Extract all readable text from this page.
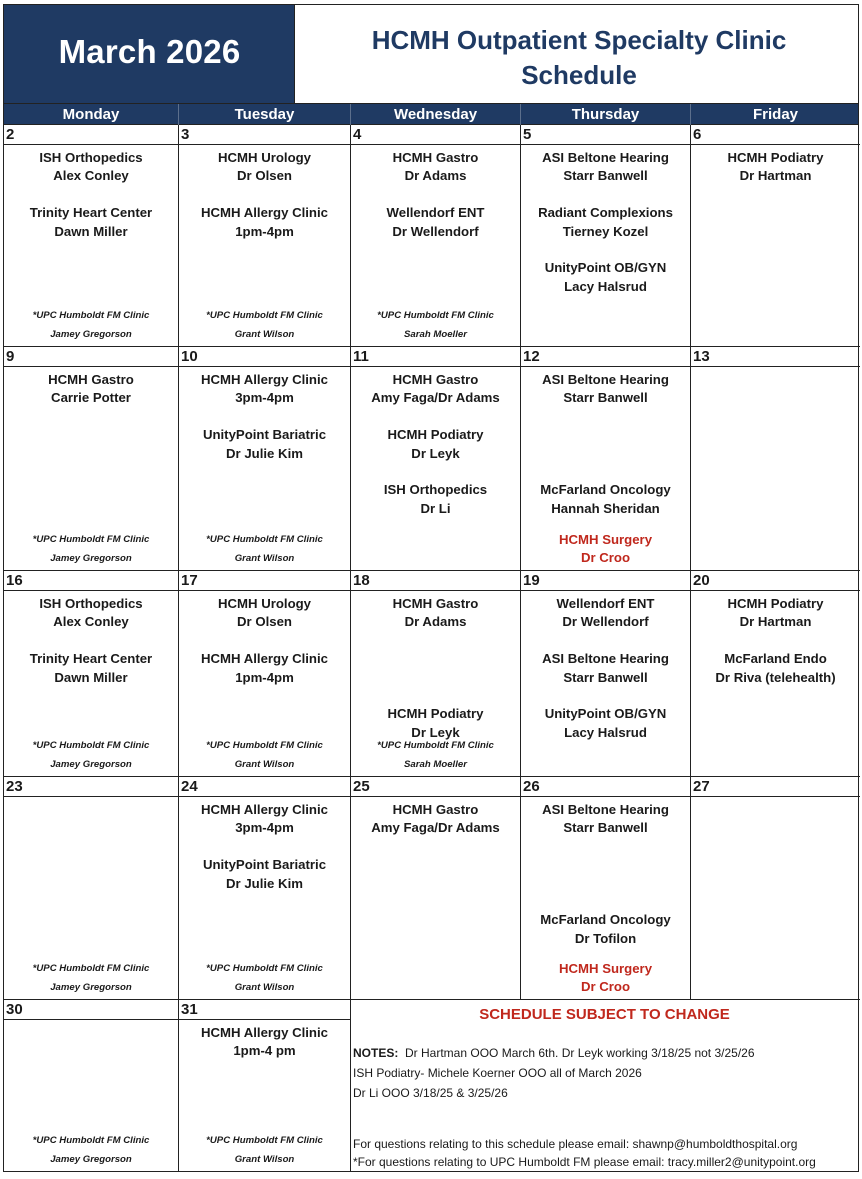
March 2026	HCMH Outpatient Specialty Clinic
Schedule
Monday	Tuesday	Wednesday	Thursday	Friday
2
ISH Orthopedics
Alex Conley
Trinity Heart Center
Dawn Miller
*UPC Humboldt FM Clinic
Jamey Gregorson
3
HCMH Urology
Dr Olsen
HCMH Allergy Clinic
1pm-4pm
*UPC Humboldt FM Clinic
Grant Wilson
4
HCMH Gastro
Dr Adams
Wellendorf ENT
Dr Wellendorf
*UPC Humboldt FM Clinic
Sarah Moeller
5
ASI Beltone Hearing
Starr Banwell
Radiant Complexions
Tierney Kozel
UnityPoint OB/GYN
Lacy Halsrud
6
HCMH Podiatry
Dr Hartman
9
HCMH Gastro
Carrie Potter
*UPC Humboldt FM Clinic
Jamey Gregorson
10
HCMH Allergy Clinic
3pm-4pm
UnityPoint Bariatric
Dr Julie Kim
*UPC Humboldt FM Clinic
Grant Wilson
11
HCMH Gastro
Amy Faga/Dr Adams
HCMH Podiatry
Dr Leyk
ISH Orthopedics
Dr Li
12
ASI Beltone Hearing
Starr Banwell
McFarland Oncology
Hannah Sheridan
HCMH Surgery
Dr Croo
13
16
ISH Orthopedics
Alex Conley
Trinity Heart Center
Dawn Miller
*UPC Humboldt FM Clinic
Jamey Gregorson
17
HCMH Urology
Dr Olsen
HCMH Allergy Clinic
1pm-4pm
*UPC Humboldt FM Clinic
Grant Wilson
18
HCMH Gastro
Dr Adams
HCMH Podiatry
Dr Leyk
*UPC Humboldt FM Clinic
Sarah Moeller
19
Wellendorf ENT
Dr Wellendorf
ASI Beltone Hearing
Starr Banwell
UnityPoint OB/GYN
Lacy Halsrud
20
HCMH Podiatry
Dr Hartman
McFarland Endo
Dr Riva (telehealth)
23
*UPC Humboldt FM Clinic
Jamey Gregorson
24
HCMH Allergy Clinic
3pm-4pm
UnityPoint Bariatric
Dr Julie Kim
*UPC Humboldt FM Clinic
Grant Wilson
25
HCMH Gastro
Amy Faga/Dr Adams
26
ASI Beltone Hearing
Starr Banwell
McFarland Oncology
Dr Tofilon
HCMH Surgery
Dr Croo
27
30
*UPC Humboldt FM Clinic
Jamey Gregorson
31
HCMH Allergy Clinic
1pm-4 pm
*UPC Humboldt FM Clinic
Grant Wilson
SCHEDULE SUBJECT TO CHANGE
NOTES: Dr Hartman OOO March 6th. Dr Leyk working 3/18/25 not 3/25/26
ISH Podiatry- Michele Koerner OOO all of March 2026
Dr Li OOO 3/18/25 & 3/25/26
For questions relating to this schedule please email: shawnp@humboldthospital.org
*For questions relating to UPC Humboldt FM please email: tracy.miller2@unitypoint.org
